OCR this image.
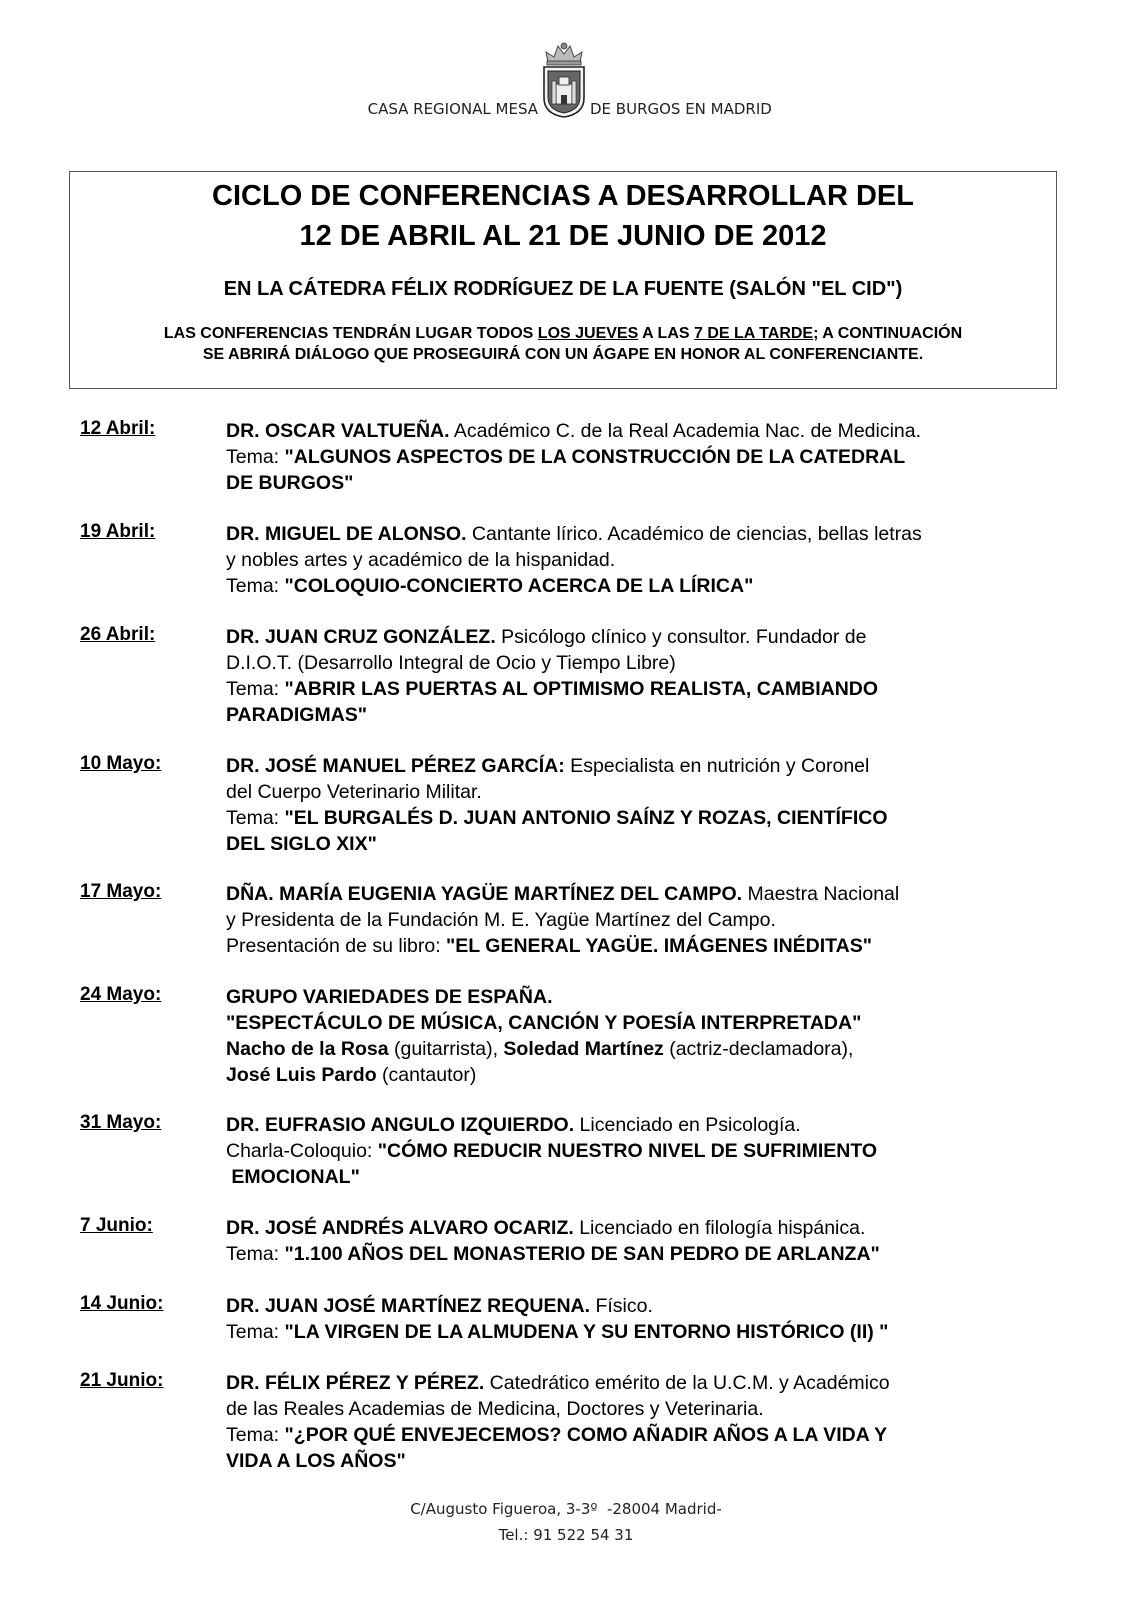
CASA REGIONAL MESA	DE BURGOS EN MADRID
CICLO DE CONFERENCIAS A DESARROLLAR DEL
12 DE ABRIL AL 21 DE JUNIO DE 2012
EN LA CÁTEDRA FÉLIX RODRÍGUEZ DE LA FUENTE (SALÓN "EL CID")
LAS CONFERENCIAS TENDRÁN LUGAR TODOS LOS JUEVES A LAS 7 DE LA TARDE; A CONTINUACIÓN
SE ABRIRÁ DIÁLOGO QUE PROSEGUIRÁ CON UN ÁGAPE EN HONOR AL CONFERENCIANTE.
12 Abril:	DR. OSCAR VALTUEÑA. Académico C. de la Real Academia Nac. de Medicina.
Tema: "ALGUNOS ASPECTOS DE LA CONSTRUCCIÓN DE LA CATEDRAL
DE BURGOS"
19 Abril:	DR. MIGUEL DE ALONSO. Cantante lírico. Académico de ciencias, bellas letras
y nobles artes y académico de la hispanidad.
Tema: "COLOQUIO-CONCIERTO ACERCA DE LA LÍRICA"
26 Abril:	DR. JUAN CRUZ GONZÁLEZ. Psicólogo clínico y consultor. Fundador de
D.I.O.T. (Desarrollo Integral de Ocio y Tiempo Libre)
Tema: "ABRIR LAS PUERTAS AL OPTIMISMO REALISTA, CAMBIANDO
PARADIGMAS"
10 Mayo:	DR. JOSÉ MANUEL PÉREZ GARCÍA: Especialista en nutrición y Coronel
del Cuerpo Veterinario Militar.
Tema: "EL BURGALÉS D. JUAN ANTONIO SAÍNZ Y ROZAS, CIENTÍFICO
DEL SIGLO XIX"
17 Mayo:	DÑA. MARÍA EUGENIA YAGÜE MARTÍNEZ DEL CAMPO. Maestra Nacional
y Presidenta de la Fundación M. E. Yagüe Martínez del Campo.
Presentación de su libro: "EL GENERAL YAGÜE. IMÁGENES INÉDITAS"
24 Mayo:	GRUPO VARIEDADES DE ESPAÑA.
"ESPECTÁCULO DE MÚSICA, CANCIÓN Y POESÍA INTERPRETADA"
Nacho de la Rosa (guitarrista), Soledad Martínez (actriz-declamadora),
José Luis Pardo (cantautor)
31 Mayo:	DR. EUFRASIO ANGULO IZQUIERDO. Licenciado en Psicología.
Charla-Coloquio: "CÓMO REDUCIR NUESTRO NIVEL DE SUFRIMIENTO
EMOCIONAL"
7 Junio:	DR. JOSÉ ANDRÉS ALVARO OCARIZ. Licenciado en filología hispánica.
Tema: "1.100 AÑOS DEL MONASTERIO DE SAN PEDRO DE ARLANZA"
14 Junio:	DR. JUAN JOSÉ MARTÍNEZ REQUENA. Físico.
Tema: "LA VIRGEN DE LA ALMUDENA Y SU ENTORNO HISTÓRICO (II) "
21 Junio:	DR. FÉLIX PÉREZ Y PÉREZ. Catedrático emérito de la U.C.M. y Académico
de las Reales Academias de Medicina, Doctores y Veterinaria.
Tema: "¿POR QUÉ ENVEJECEMOS? COMO AÑADIR AÑOS A LA VIDA Y
VIDA A LOS AÑOS"
C/Augusto Figueroa, 3-3º  -28004 Madrid-
Tel.: 91 522 54 31
